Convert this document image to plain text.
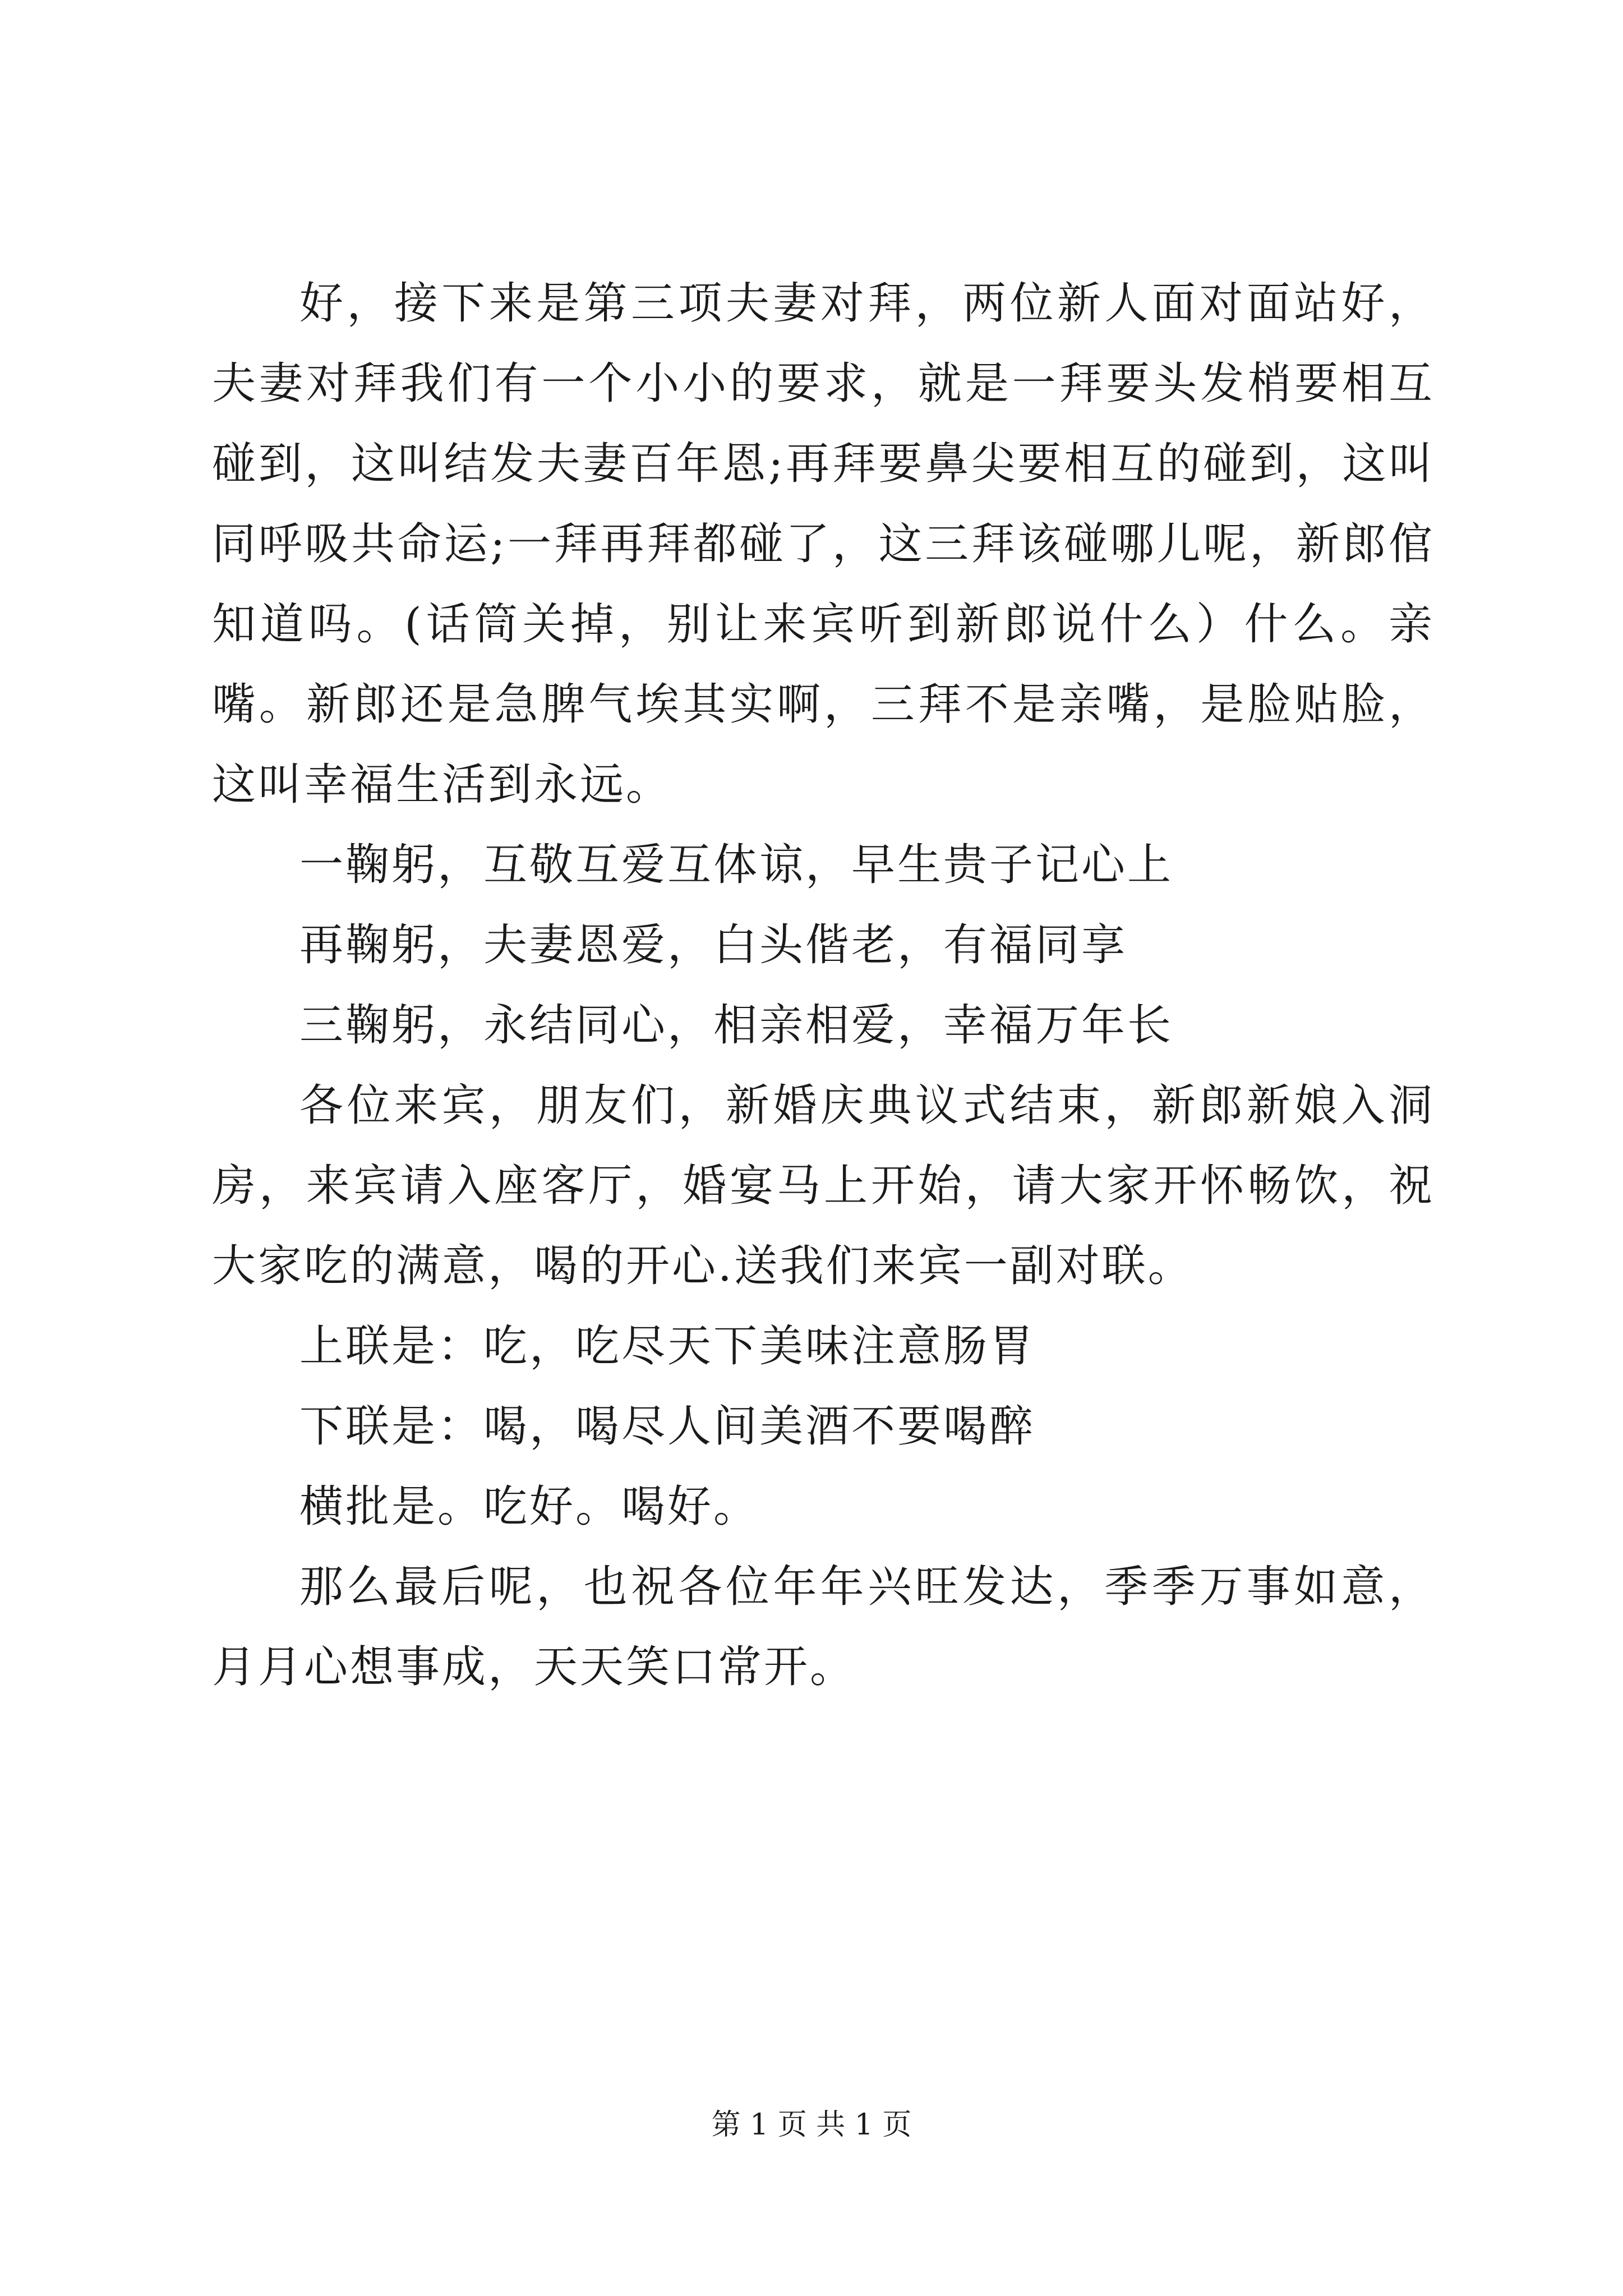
好，接下来是第三项夫妻对拜，两位新人面对面站好，夫妻对拜我们有一个小小的要求，就是一拜要头发梢要相互碰到，这叫结发夫妻百年恩;再拜要鼻尖要相互的碰到，这叫同呼吸共命运;一拜再拜都碰了，这三拜该碰哪儿呢，新郎倌知道吗。(话筒关掉，别让来宾听到新郎说什么）什么。亲嘴。新郎还是急脾气埃其实啊，三拜不是亲嘴，是脸贴脸，这叫幸福生活到永远。

一鞠躬，互敬互爱互体谅，早生贵子记心上

再鞠躬，夫妻恩爱，白头偕老，有福同享

三鞠躬，永结同心，相亲相爱，幸福万年长

各位来宾，朋友们，新婚庆典议式结束，新郎新娘入洞房，来宾请入座客厅，婚宴马上开始，请大家开怀畅饮，祝大家吃的满意，喝的开心.送我们来宾一副对联。

上联是：吃，吃尽天下美味注意肠胃

下联是：喝，喝尽人间美酒不要喝醉

横批是。吃好。喝好。

那么最后呢，也祝各位年年兴旺发达，季季万事如意，月月心想事成，天天笑口常开。

第 1 页 共 1 页
